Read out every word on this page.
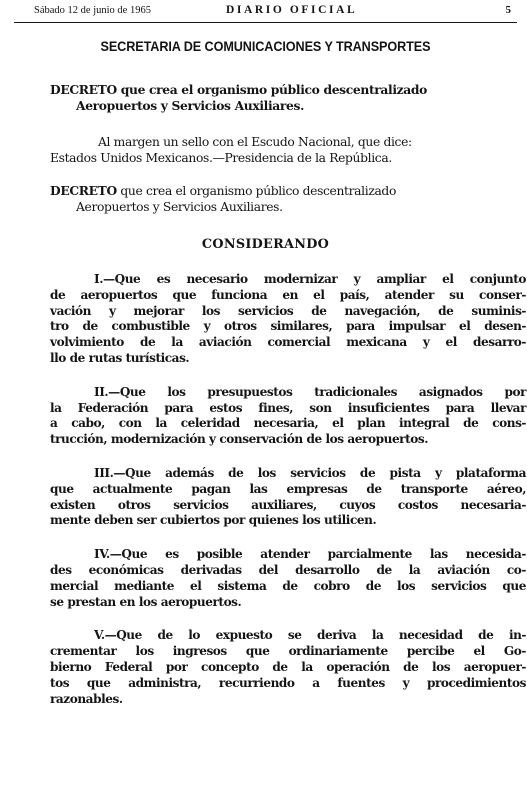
Sábado 12 de junio de 1965	DIARIO OFICIAL	5
SECRETARIA DE COMUNICACIONES Y TRANSPORTES
DECRETO que crea el organismo público descentralizado
Aeropuertos y Servicios Auxiliares.
Al margen un sello con el Escudo Nacional, que dice:
Estados Unidos Mexicanos.—Presidencia de la República.
DECRETO que crea el organismo público descentralizado
Aeropuertos y Servicios Auxiliares.
CONSIDERANDO
I.—Que es necesario modernizar y ampliar el conjunto
de aeropuertos que funciona en el país, atender su conser-
vación y mejorar los servicios de navegación, de suminis-
tro de combustible y otros similares, para impulsar el desen-
volvimiento de la aviación comercial mexicana y el desarro-
llo de rutas turísticas.
II.—Que los presupuestos tradicionales asignados por
la Federación para estos fines, son insuficientes para llevar
a cabo, con la celeridad necesaria, el plan integral de cons-
trucción, modernización y conservación de los aeropuertos.
III.—Que además de los servicios de pista y plataforma
que actualmente pagan las empresas de transporte aéreo,
existen otros servicios auxiliares, cuyos costos necesaria-
mente deben ser cubiertos por quienes los utilicen.
IV.—Que es posible atender parcialmente las necesida-
des económicas derivadas del desarrollo de la aviación co-
mercial mediante el sistema de cobro de los servicios que
se prestan en los aeropuertos.
V.—Que de lo expuesto se deriva la necesidad de in-
crementar los ingresos que ordinariamente percibe el Go-
bierno Federal por concepto de la operación de los aeropuer-
tos que administra, recurriendo a fuentes y procedimientos
razonables.
